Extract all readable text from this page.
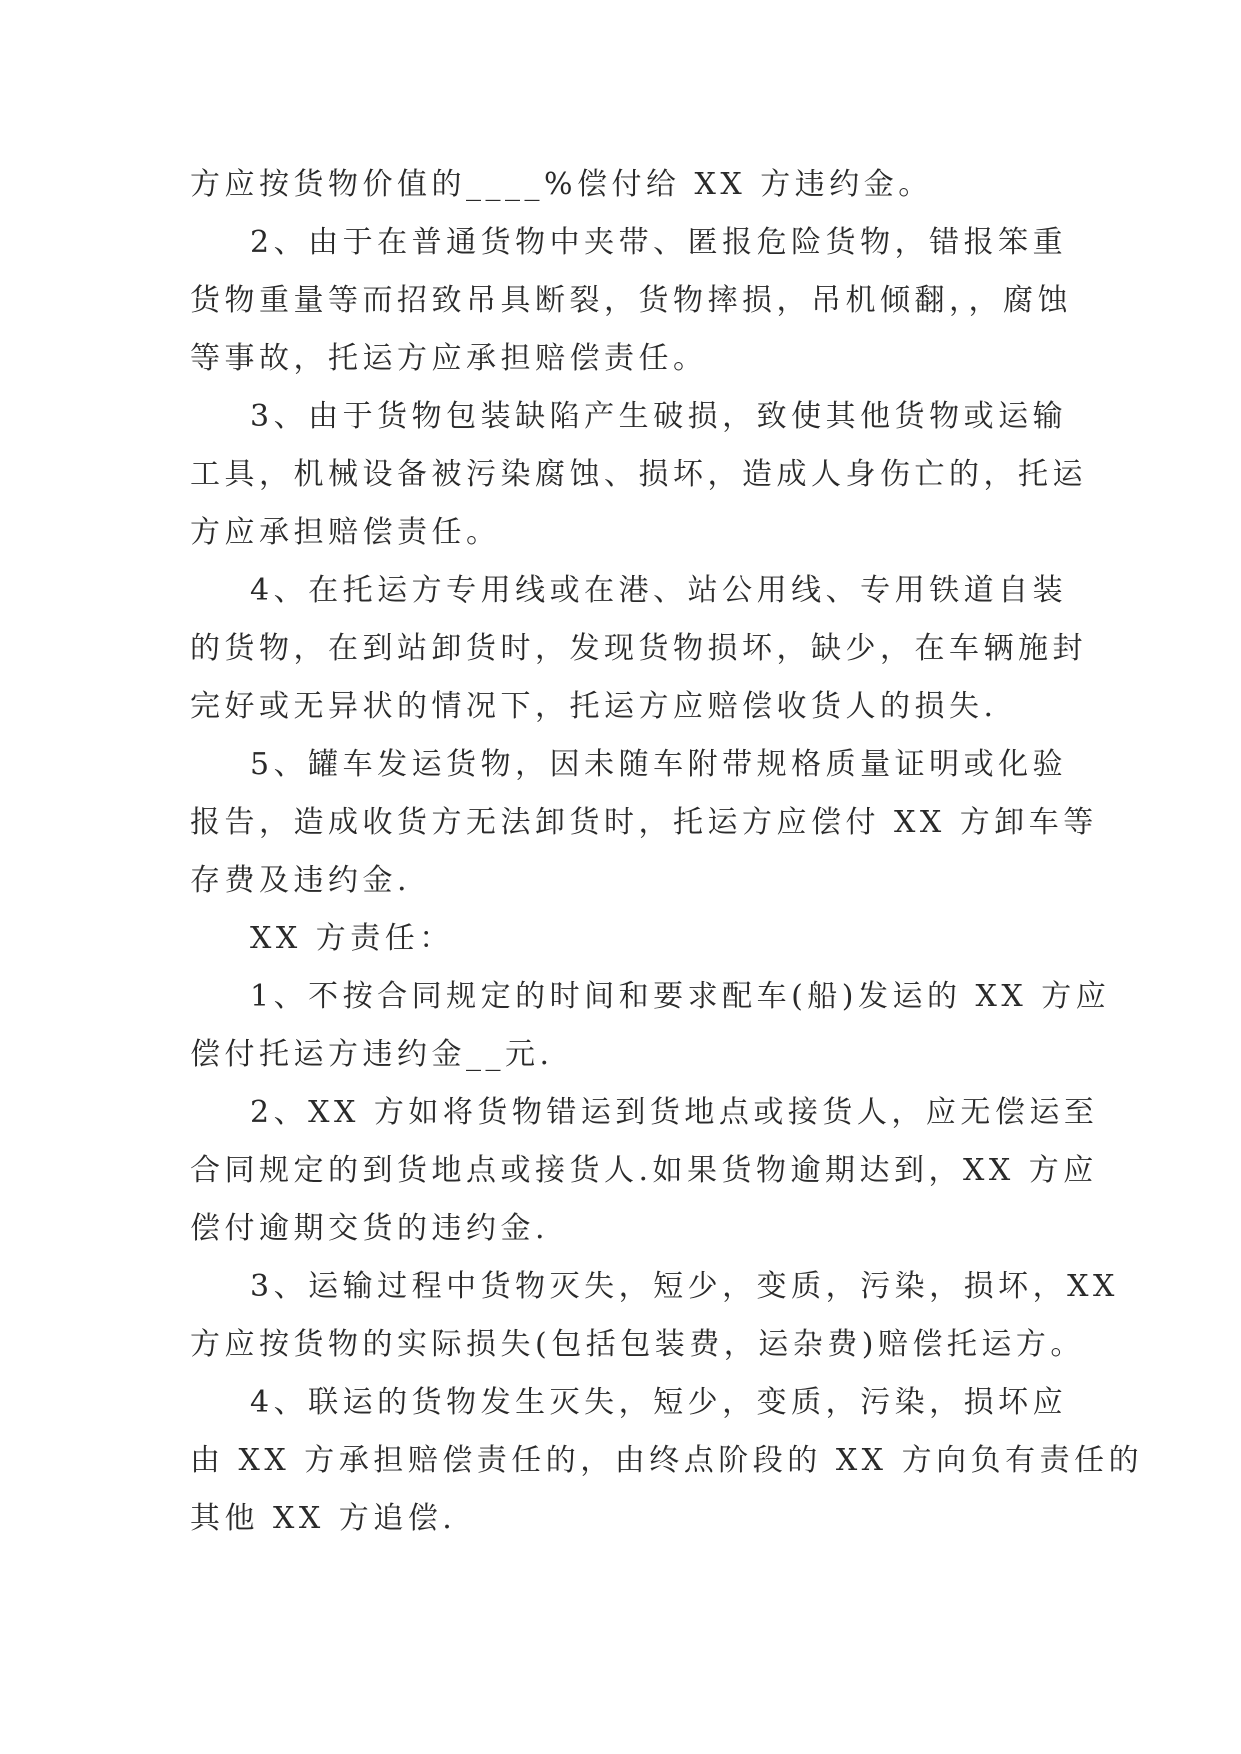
方应按货物价值的____%偿付给 XX 方违约金。
2、由于在普通货物中夹带、匿报危险货物，错报笨重
货物重量等而招致吊具断裂，货物摔损，吊机倾翻，，腐蚀
等事故，托运方应承担赔偿责任。
3、由于货物包装缺陷产生破损，致使其他货物或运输
工具，机械设备被污染腐蚀、损坏，造成人身伤亡的，托运
方应承担赔偿责任。
4、在托运方专用线或在港、站公用线、专用铁道自装
的货物，在到站卸货时，发现货物损坏，缺少，在车辆施封
完好或无异状的情况下，托运方应赔偿收货人的损失.
5、罐车发运货物，因未随车附带规格质量证明或化验
报告，造成收货方无法卸货时，托运方应偿付 XX 方卸车等
存费及违约金.
XX 方责任：
1、不按合同规定的时间和要求配车(船)发运的 XX 方应
偿付托运方违约金__元.
2、XX 方如将货物错运到货地点或接货人，应无偿运至
合同规定的到货地点或接货人.如果货物逾期达到，XX 方应
偿付逾期交货的违约金.
3、运输过程中货物灭失，短少，变质，污染，损坏，XX
方应按货物的实际损失(包括包装费，运杂费)赔偿托运方。
4、联运的货物发生灭失，短少，变质，污染，损坏应
由 XX 方承担赔偿责任的，由终点阶段的 XX 方向负有责任的
其他 XX 方追偿.
